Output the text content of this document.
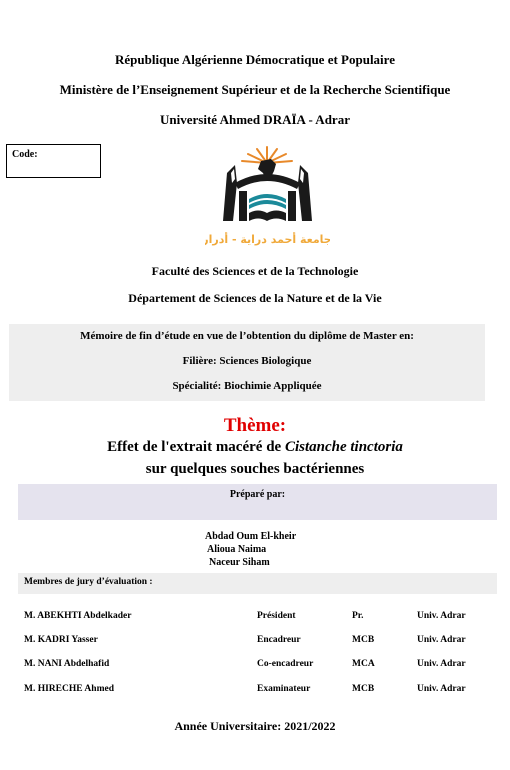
République Algérienne Démocratique et Populaire
Ministère de l’Enseignement Supérieur et de la Recherche Scientifique
Université Ahmed DRAÏA - Adrar
Code:
جامعة أحمد دراية - أدرار
Faculté des Sciences et de la Technologie
Département de Sciences de la Nature et de la Vie
Mémoire de fin d’étude en vue de l’obtention du diplôme de Master en:
Filière: Sciences Biologique
Spécialité: Biochimie Appliquée
Thème:
Effet de l'extrait macéré de Cistanche tinctoria
sur quelques souches bactériennes
Préparé par:
Abdad Oum El-kheir
Alioua Naima
Naceur Siham
Membres de jury d’évaluation :
M. ABEKHTI Abdelkader	Président	Pr.	Univ. Adrar
M. KADRI Yasser	Encadreur	MCB	Univ. Adrar
M. NANI Abdelhafid	Co-encadreur	MCA	Univ. Adrar
M. HIRECHE Ahmed	Examinateur	MCB	Univ. Adrar
Année Universitaire: 2021/2022
